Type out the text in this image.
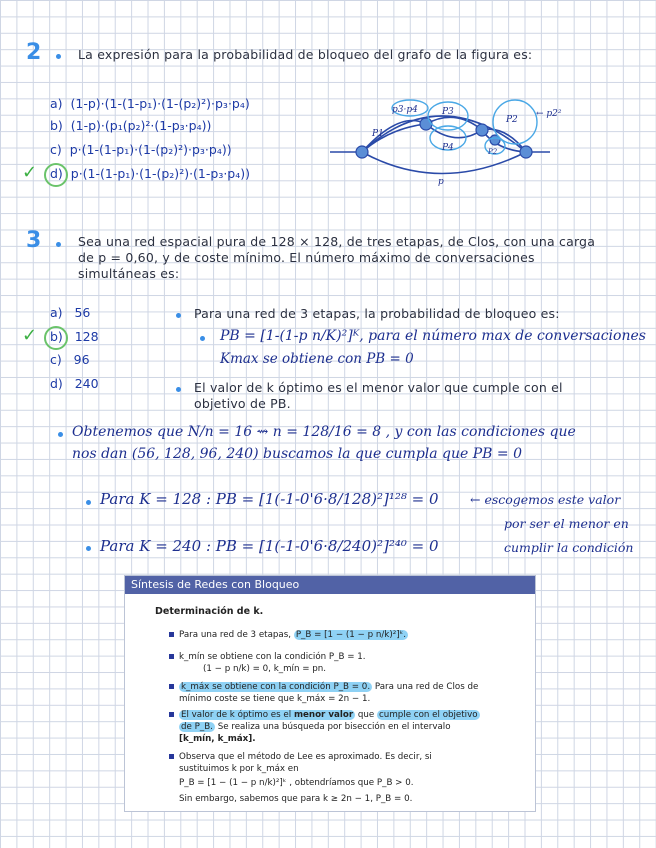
2	La expresión para la probabilidad de bloqueo del grafo de la figura es:
a) (1-p)·(1-(1-p₁)·(1-(p₂)²)·p₃·p₄)
b) (1-p)·(p₁(p₂)²·(1-p₃·p₄))
c) p·(1-(1-p₁)·(1-(p₂)²)·p₃·p₄))
✓ d) p·(1-(1-p₁)·(1-(p₂)²)·(1-p₃·p₄))
p3·p4	P3
P2
← p2²
P1
P4	P2
p
3	Sea una red espacial pura de 128 × 128, de tres etapas, de Clos, con una carga
de p = 0,60, y de coste mínimo. El número máximo de conversaciones
simultáneas es:
a) 56
✓ b) 128
c) 96
d) 240
Para una red de 3 etapas, la probabilidad de bloqueo es:
PB = [1-(1-p n/K)²]ᴷ, para el número max de conversaciones
Kmax se obtiene con PB = 0
El valor de k óptimo es el menor valor que cumple con el
objetivo de PB.
Obtenemos que N/n = 16 ⇝ n = 128/16 = 8 , y con las condiciones que
nos dan (56, 128, 96, 240) buscamos la que cumpla que PB = 0
Para K = 128 : PB = [1(-1-0'6·8/128)²]¹²⁸ = 0
Para K = 240 : PB = [1(-1-0'6·8/240)²]²⁴⁰ = 0
← escogemos este valor
por ser el menor en
cumplir la condición
Síntesis de Redes con Bloqueo
Determinación de k.
Para una red de 3 etapas, P_B = [1 − (1 − p n/k)²]ᵏ.
k_mín se obtiene con la condición P_B = 1.
(1 − p n/k) = 0, k_mín = pn.
k_máx se obtiene con la condición P_B = 0. Para una red de Clos de
mínimo coste se tiene que k_máx = 2n − 1.
El valor de k óptimo es el menor valor que cumple con el objetivo
de P_B. Se realiza una búsqueda por bisección en el intervalo
[k_mín, k_máx].
Observa que el método de Lee es aproximado. Es decir, si
sustituimos k por k_máx en
P_B = [1 − (1 − p n/k)²]ᵏ , obtendríamos que P_B > 0.
Sin embargo, sabemos que para k ≥ 2n − 1, P_B = 0.
